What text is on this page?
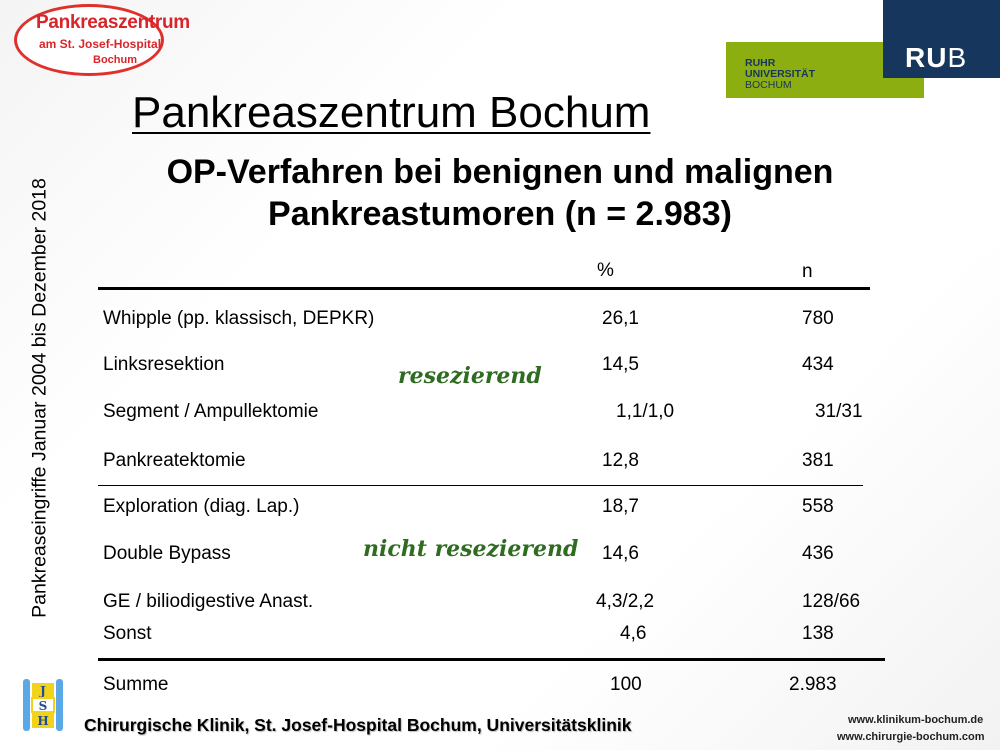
Pankreaszentrum
am St. Josef-Hospital
Bochum	RUHR
UNIVERSITÄT
BOCHUM
RUB
Pankreaszentrum Bochum
OP-Verfahren bei benignen und malignen
Pankreastumoren (n = 2.983)
Pankreaseingriffe Januar 2004 bis Dezember 2018	%	n
Whipple (pp. klassisch, DEPKR)	26,1	780
Linksresektion	14,5	434
Segment / Ampullektomie	1,1/1,0	31/31
Pankreatektomie	12,8	381
Exploration (diag. Lap.)	18,7	558
Double Bypass	14,6	436
GE / biliodigestive Anast.	4,3/2,2	128/66
Sonst	4,6	138
Summe	100	2.983
resezierend
nicht resezierend
J
S
H Chirurgische Klinik, St. Josef-Hospital Bochum, Universitätsklinik	www.klinikum-bochum.de
www.chirurgie-bochum.com
